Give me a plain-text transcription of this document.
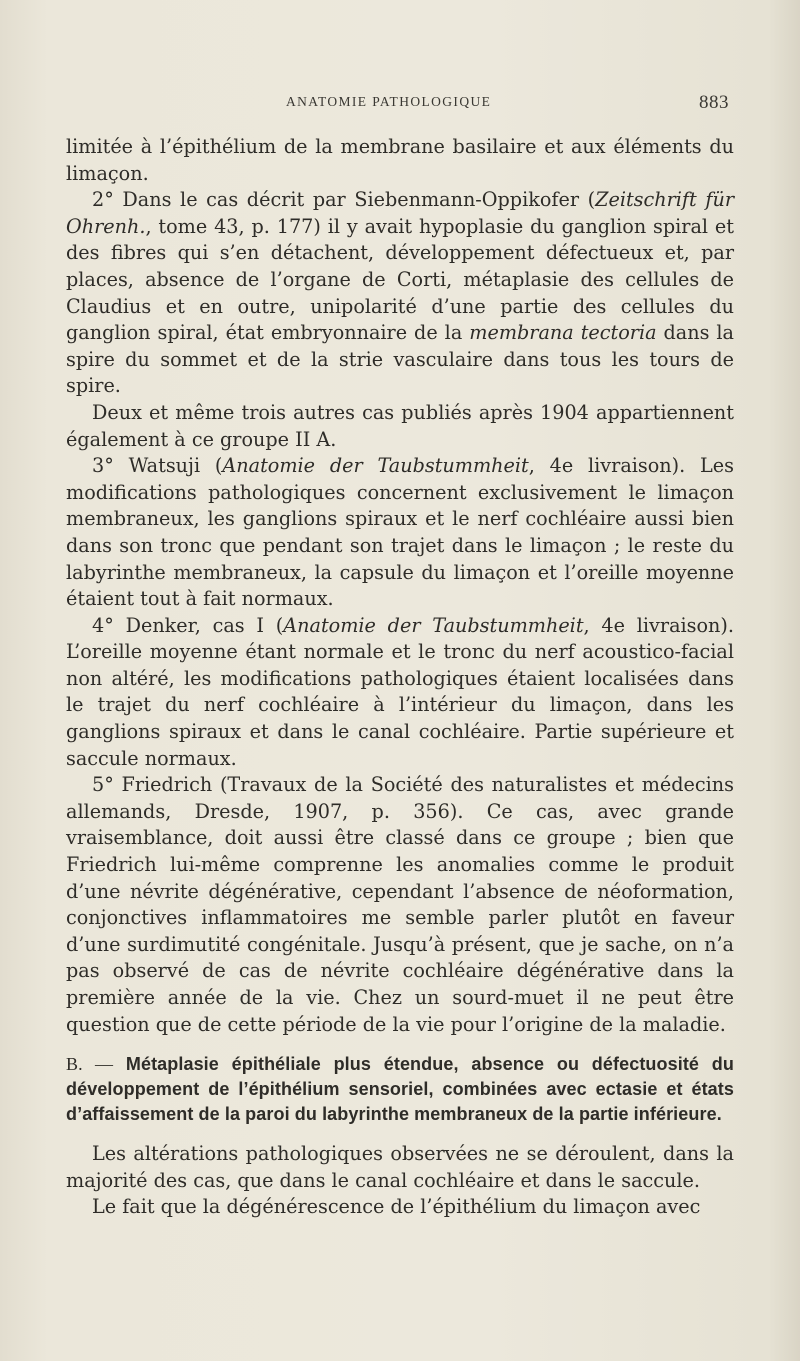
ANATOMIE PATHOLOGIQUE	883

limitée à l’épithélium de la membrane basilaire et aux éléments du limaçon.

2° Dans le cas décrit par Siebenmann-Oppikofer (Zeitschrift für Ohrenh., tome 43, p. 177) il y avait hypoplasie du ganglion spiral et des fibres qui s’en détachent, développement défectueux et, par places, absence de l’organe de Corti, métaplasie des cellules de Claudius et en outre, unipolarité d’une partie des cellules du ganglion spiral, état embryonnaire de la membrana tectoria dans la spire du sommet et de la strie vasculaire dans tous les tours de spire.

Deux et même trois autres cas publiés après 1904 appartiennent également à ce groupe II A.

3° Watsuji (Anatomie der Taubstummheit, 4e livraison). Les modifications pathologiques concernent exclusivement le limaçon membraneux, les ganglions spiraux et le nerf cochléaire aussi bien dans son tronc que pendant son trajet dans le limaçon ; le reste du labyrinthe membraneux, la capsule du limaçon et l’oreille moyenne étaient tout à fait normaux.

4° Denker, cas I (Anatomie der Taubstummheit, 4e livraison). L’oreille moyenne étant normale et le tronc du nerf acoustico-facial non altéré, les modifications pathologiques étaient localisées dans le trajet du nerf cochléaire à l’intérieur du limaçon, dans les ganglions spiraux et dans le canal cochléaire. Partie supérieure et saccule normaux.

5° Friedrich (Travaux de la Société des naturalistes et médecins allemands, Dresde, 1907, p. 356). Ce cas, avec grande vraisemblance, doit aussi être classé dans ce groupe ; bien que Friedrich lui-même comprenne les anomalies comme le produit d’une névrite dégénérative, cependant l’absence de néoformation, conjonctives inflammatoires me semble parler plutôt en faveur d’une surdimutité congénitale. Jusqu’à présent, que je sache, on n’a pas observé de cas de névrite cochléaire dégénérative dans la première année de la vie. Chez un sourd-muet il ne peut être question que de cette période de la vie pour l’origine de la maladie.

B. — Métaplasie épithéliale plus étendue, absence ou défectuosité du développement de l’épithélium sensoriel, combinées avec ectasie et états d’affaissement de la paroi du labyrinthe membraneux de la partie inférieure.

Les altérations pathologiques observées ne se déroulent, dans la majorité des cas, que dans le canal cochléaire et dans le saccule.

Le fait que la dégénérescence de l’épithélium du limaçon avec
